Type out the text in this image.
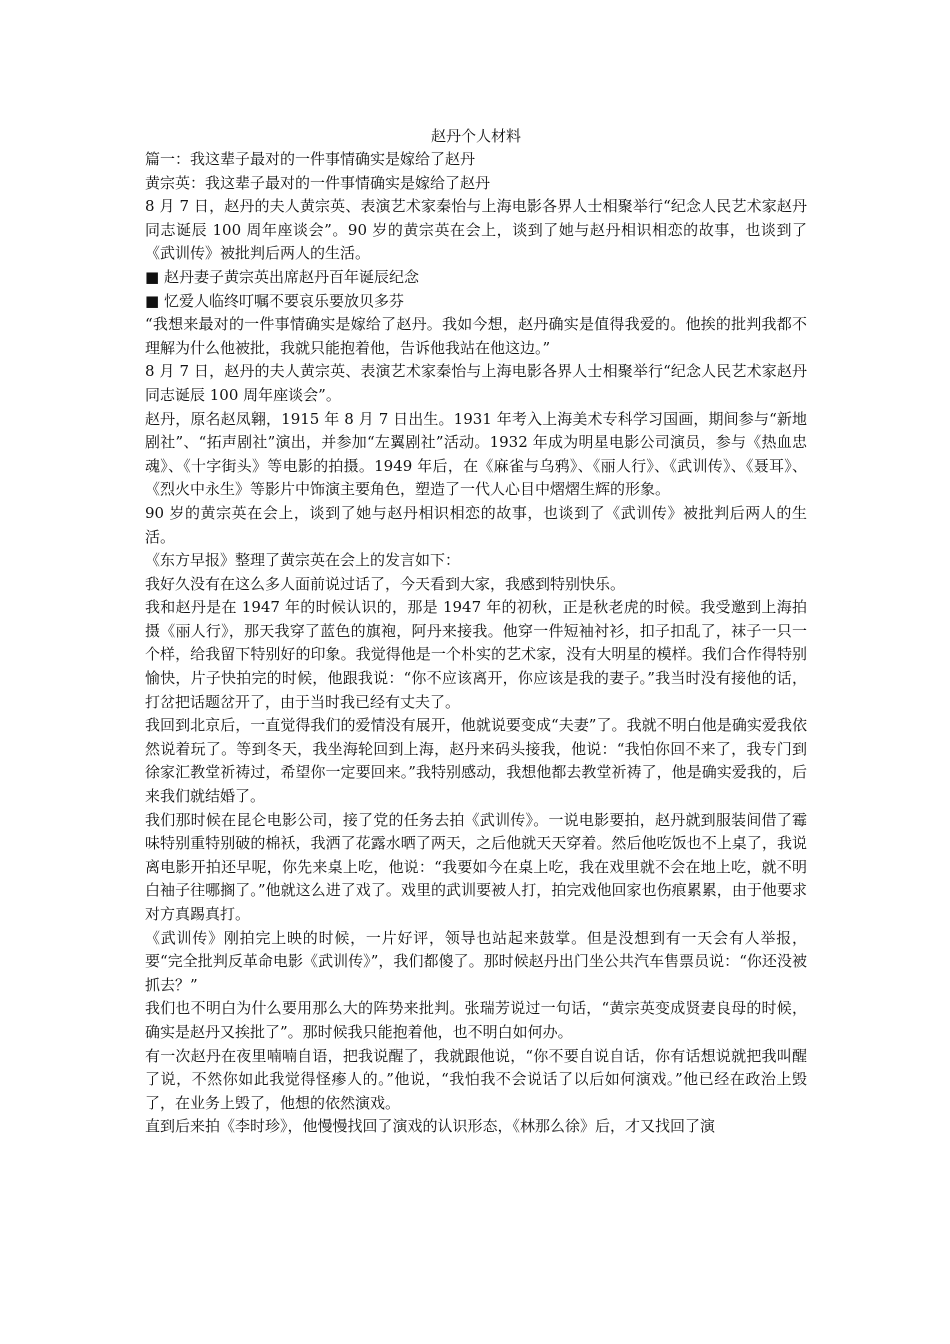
赵丹个人材料

篇一：我这辈子最对的一件事情确实是嫁给了赵丹

黄宗英：我这辈子最对的一件事情确实是嫁给了赵丹

8 月 7 日，赵丹的夫人黄宗英、表演艺术家秦怡与上海电影各界人士相聚举行“纪念人民艺术家赵丹同志诞辰 100 周年座谈会”。90 岁的黄宗英在会上，谈到了她与赵丹相识相恋的故事，也谈到了《武训传》被批判后两人的生活。

■ 赵丹妻子黄宗英出席赵丹百年诞辰纪念

■ 忆爱人临终叮嘱不要哀乐要放贝多芬

“我想来最对的一件事情确实是嫁给了赵丹。我如今想，赵丹确实是值得我爱的。他挨的批判我都不理解为什么他被批，我就只能抱着他，告诉他我站在他这边。”

8 月 7 日，赵丹的夫人黄宗英、表演艺术家秦怡与上海电影各界人士相聚举行“纪念人民艺术家赵丹同志诞辰 100 周年座谈会”。

赵丹，原名赵凤翱，1915 年 8 月 7 日出生。1931 年考入上海美术专科学习国画，期间参与“新地剧社”、“拓声剧社”演出，并参加“左翼剧社”活动。1932 年成为明星电影公司演员，参与《热血忠魂》、《十字街头》等电影的拍摄。1949 年后，在《麻雀与乌鸦》、《丽人行》、《武训传》、《聂耳》、《烈火中永生》等影片中饰演主要角色，塑造了一代人心目中熠熠生辉的形象。

90 岁的黄宗英在会上，谈到了她与赵丹相识相恋的故事，也谈到了《武训传》被批判后两人的生活。

《东方早报》整理了黄宗英在会上的发言如下：

我好久没有在这么多人面前说过话了，今天看到大家，我感到特别快乐。

我和赵丹是在 1947 年的时候认识的，那是 1947 年的初秋，正是秋老虎的时候。我受邀到上海拍摄《丽人行》，那天我穿了蓝色的旗袍，阿丹来接我。他穿一件短袖衬衫，扣子扣乱了，袜子一只一个样，给我留下特别好的印象。我觉得他是一个朴实的艺术家，没有大明星的模样。我们合作得特别愉快，片子快拍完的时候，他跟我说：“你不应该离开，你应该是我的妻子。”我当时没有接他的话，打岔把话题岔开了，由于当时我已经有丈夫了。

我回到北京后，一直觉得我们的爱情没有展开，他就说要变成“夫妻”了。我就不明白他是确实爱我依然说着玩了。等到冬天，我坐海轮回到上海，赵丹来码头接我，他说：“我怕你回不来了，我专门到徐家汇教堂祈祷过，希望你一定要回来。”我特别感动，我想他都去教堂祈祷了，他是确实爱我的，后来我们就结婚了。

我们那时候在昆仑电影公司，接了党的任务去拍《武训传》。一说电影要拍，赵丹就到服装间借了霉味特别重特别破的棉袄，我洒了花露水晒了两天，之后他就天天穿着。然后他吃饭也不上桌了，我说离电影开拍还早呢，你先来桌上吃，他说：“我要如今在桌上吃，我在戏里就不会在地上吃，就不明白袖子往哪搁了。”他就这么进了戏了。戏里的武训要被人打，拍完戏他回家也伤痕累累，由于他要求对方真踢真打。

《武训传》刚拍完上映的时候，一片好评，领导也站起来鼓掌。但是没想到有一天会有人举报，要“完全批判反革命电影《武训传》”，我们都傻了。那时候赵丹出门坐公共汽车售票员说：“你还没被抓去？”

我们也不明白为什么要用那么大的阵势来批判。张瑞芳说过一句话，“黄宗英变成贤妻良母的时候，确实是赵丹又挨批了”。那时候我只能抱着他，也不明白如何办。

有一次赵丹在夜里喃喃自语，把我说醒了，我就跟他说，“你不要自说自话，你有话想说就把我叫醒了说，不然你如此我觉得怪瘆人的。”他说，“我怕我不会说话了以后如何演戏。”他已经在政治上毁了，在业务上毁了，他想的依然演戏。

直到后来拍《李时珍》，他慢慢找回了演戏的认识形态，《林那么徐》后，才又找回了演
